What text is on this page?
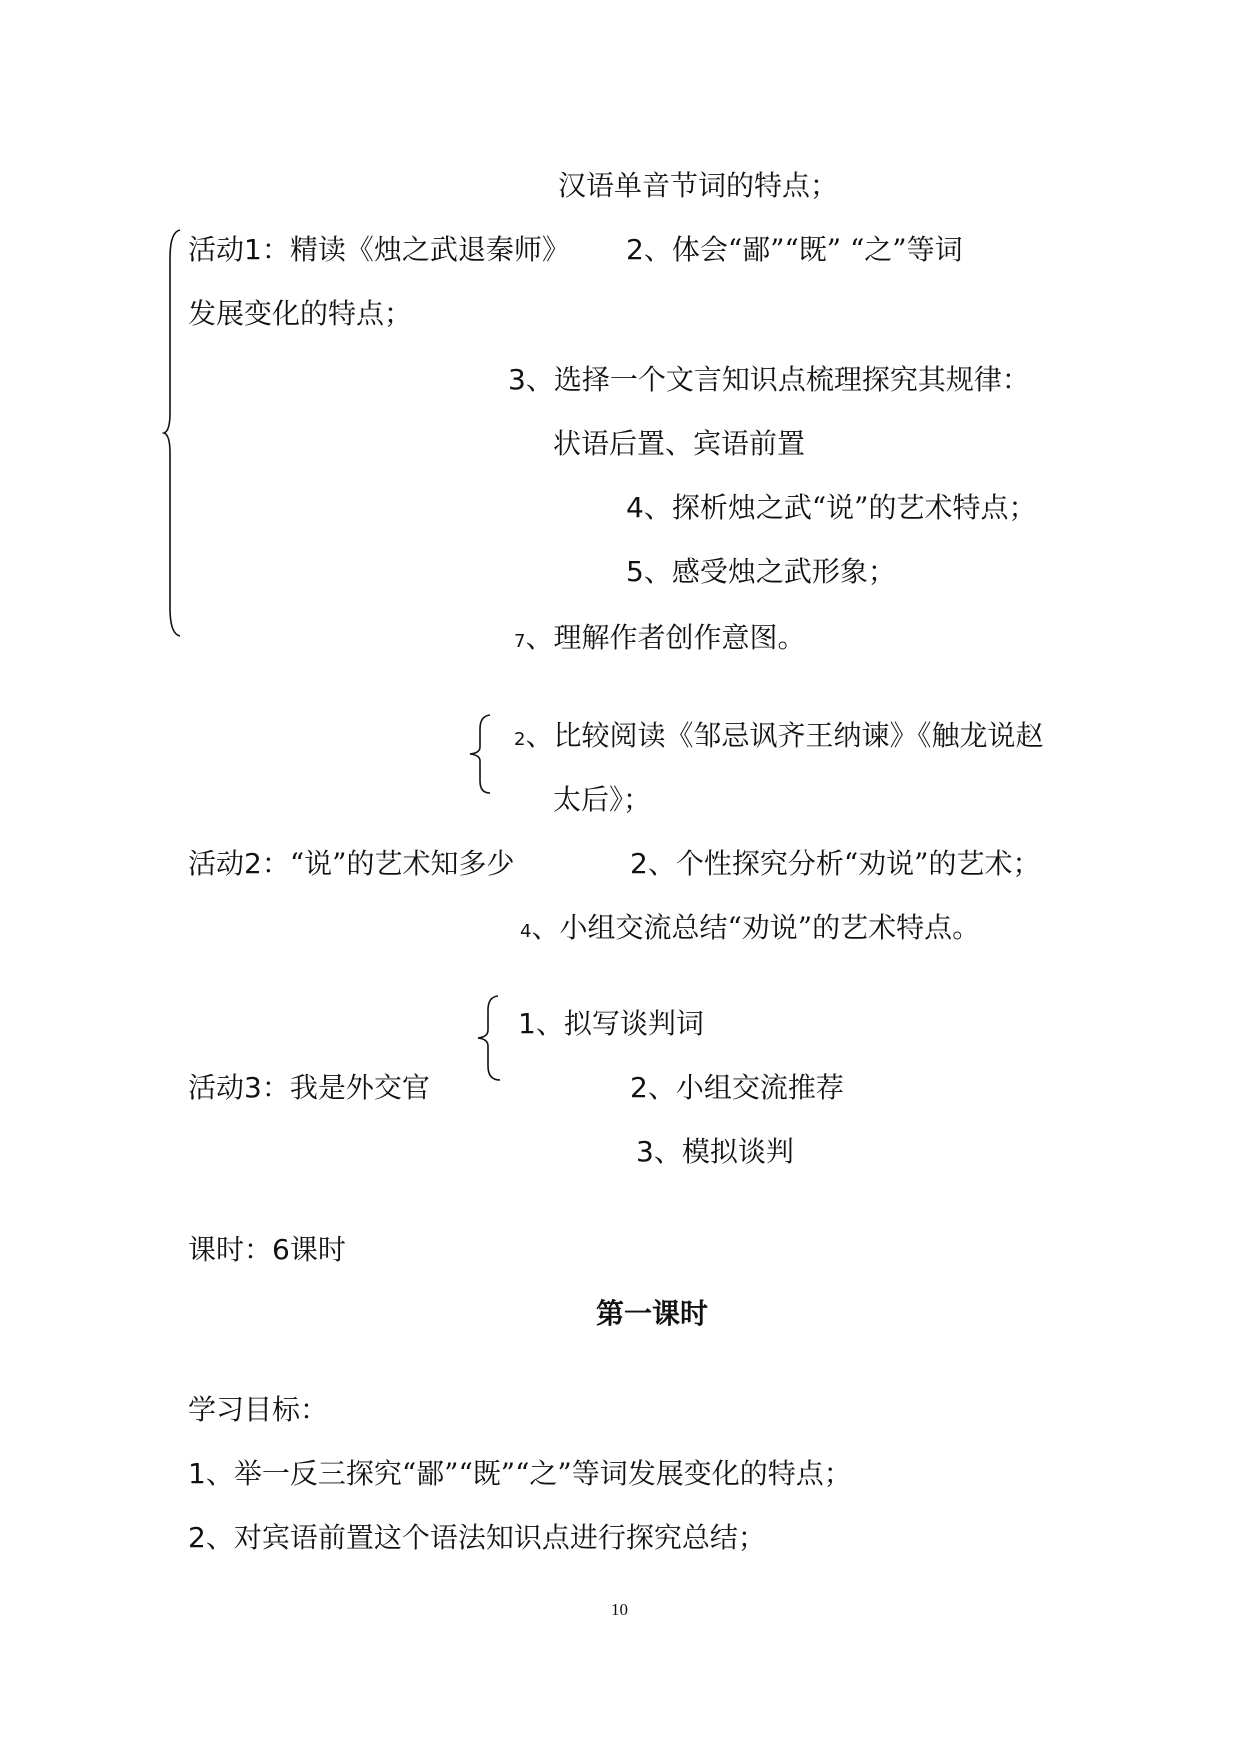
汉语单音节词的特点；
活动1：精读《烛之武退秦师》 2、体会“鄙”“既” “之”等词
发展变化的特点；
3、选择一个文言知识点梳理探究其规律：
状语后置、宾语前置
4、探析烛之武“说”的艺术特点；
5、感受烛之武形象；
7、理解作者创作意图。
2、比较阅读《邹忌讽齐王纳谏》《触龙说赵
太后》；
活动2：“说”的艺术知多少	2、个性探究分析“劝说”的艺术；
4、小组交流总结“劝说”的艺术特点。
1、拟写谈判词
活动3：我是外交官	2、小组交流推荐
3、模拟谈判
课时：6课时
第一课时
学习目标：
1、举一反三探究“鄙”“既”“之”等词发展变化的特点；
2、对宾语前置这个语法知识点进行探究总结；
10
